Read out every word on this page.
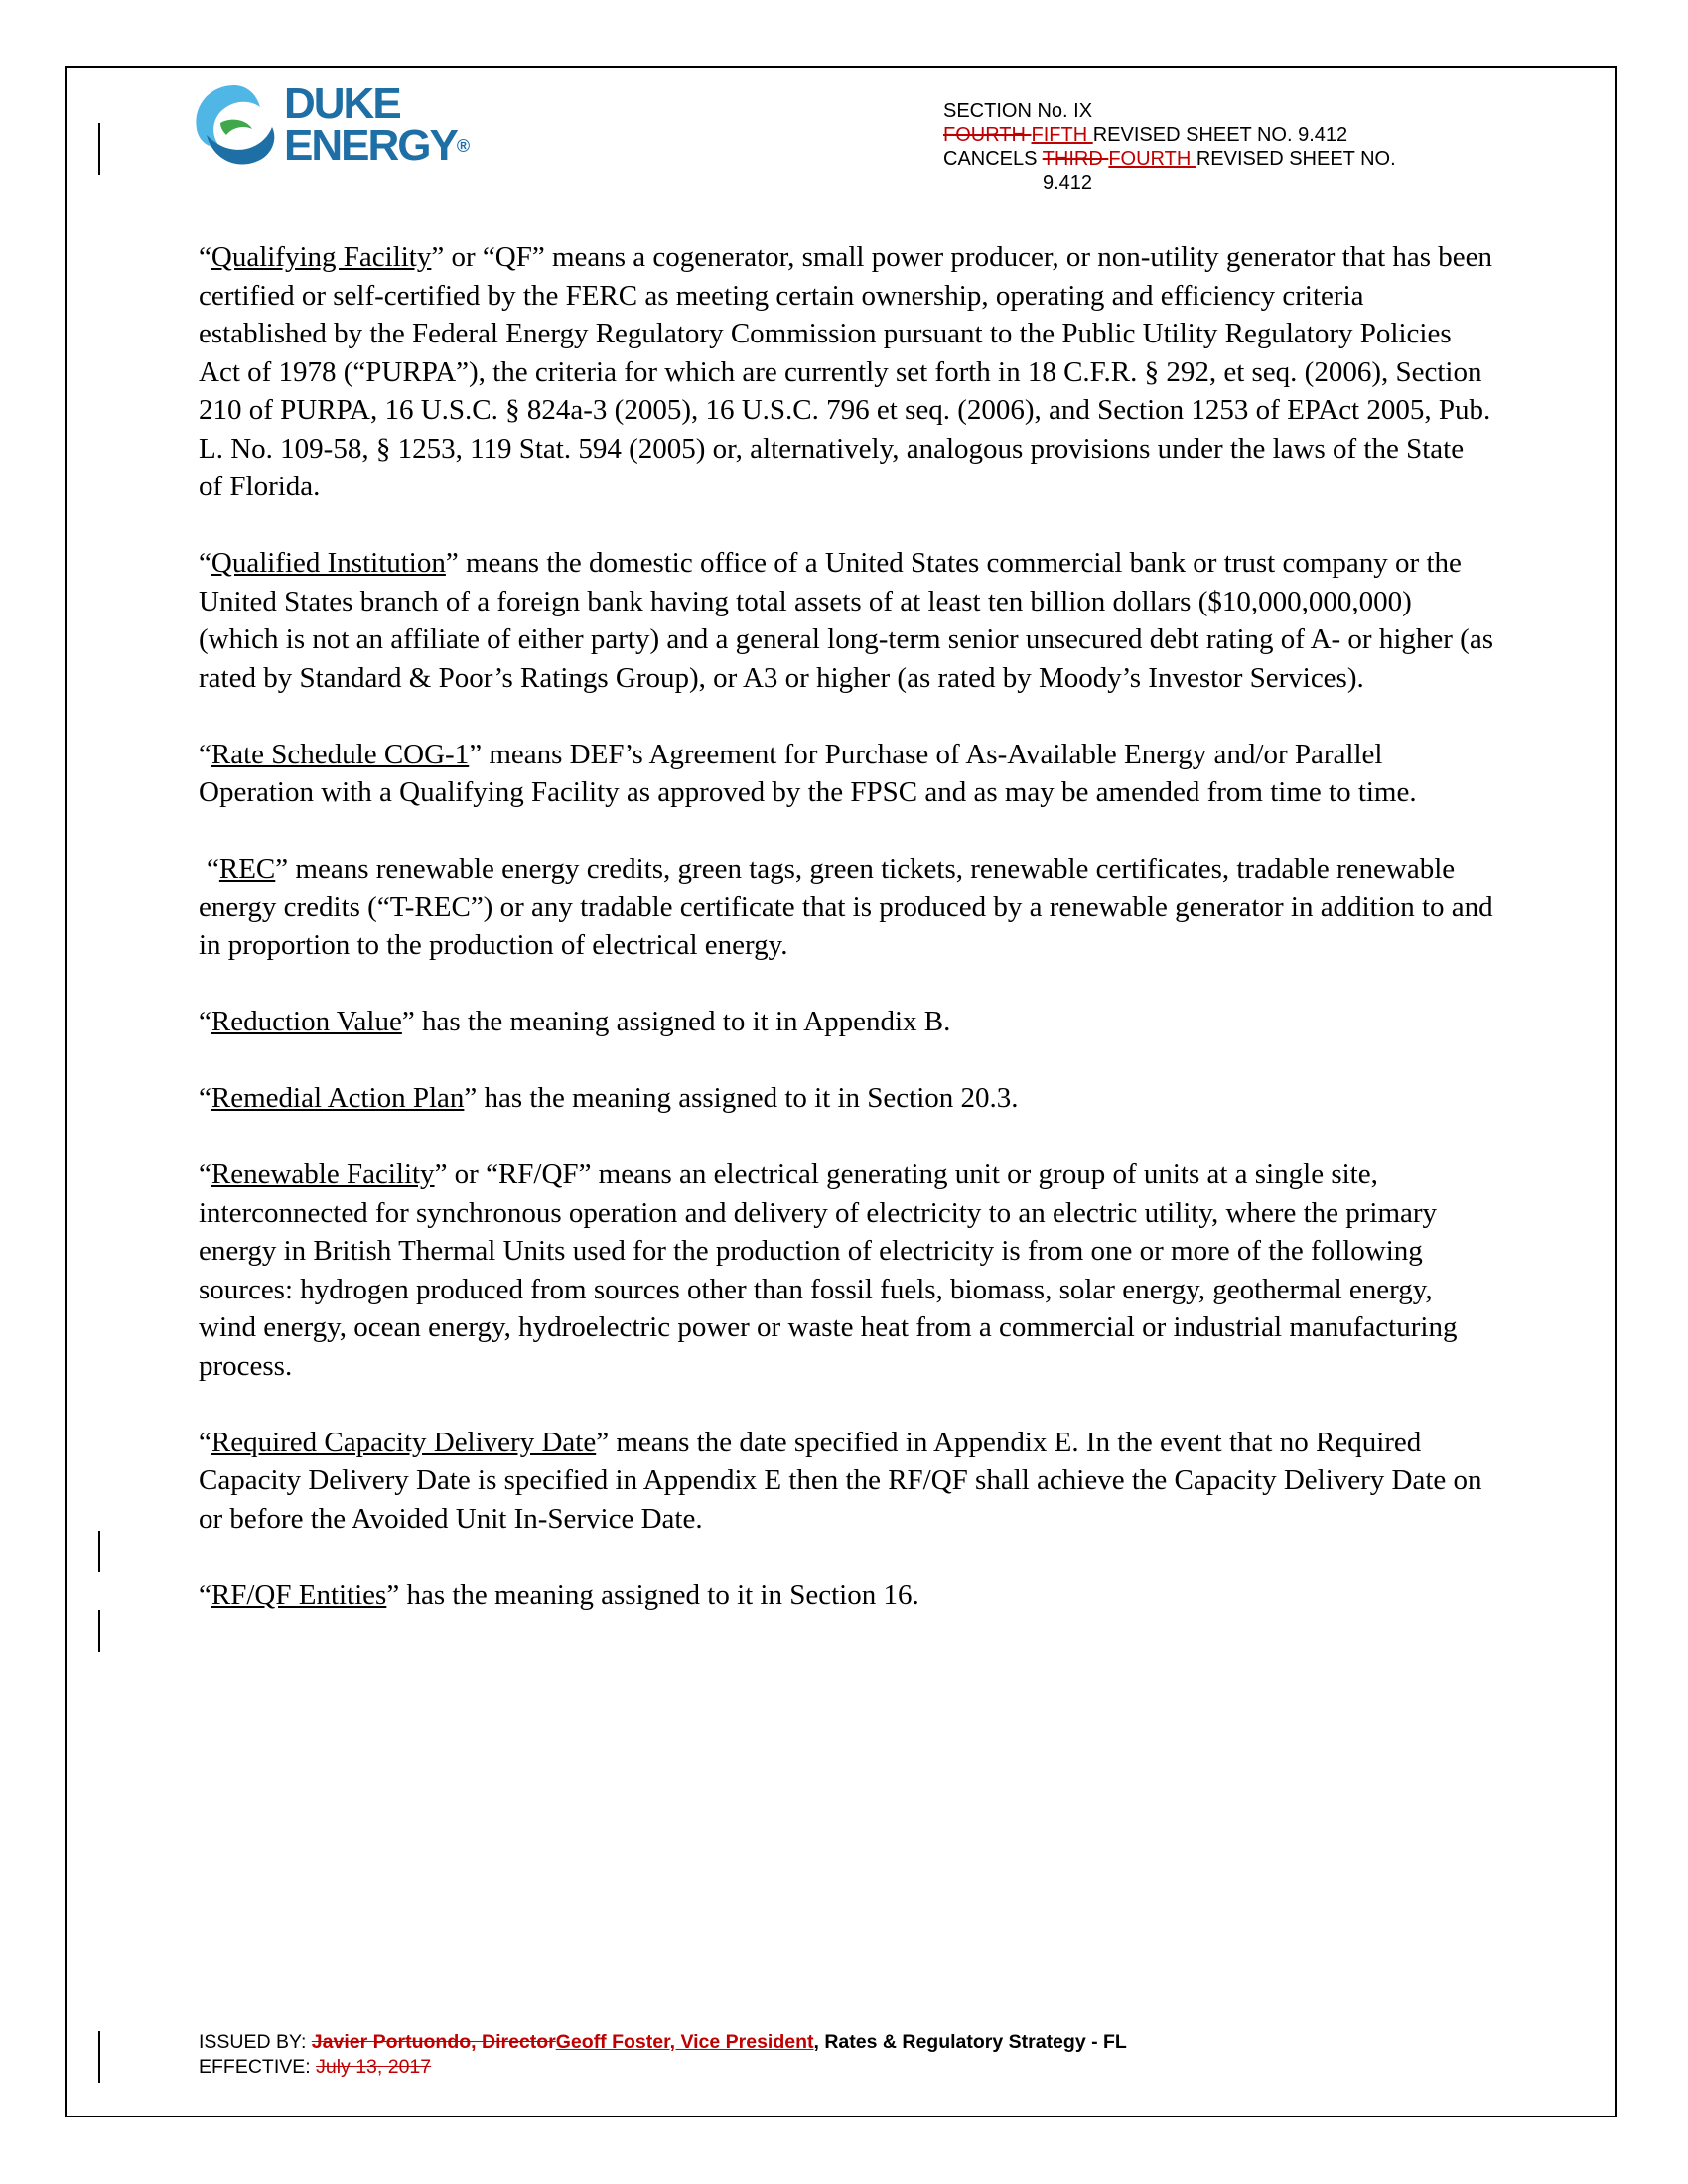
DUKE
ENERGY®
SECTION No. IX
FOURTH FIFTH REVISED SHEET NO. 9.412
CANCELS THIRD FOURTH REVISED SHEET NO.
9.412

“Qualifying Facility” or “QF” means a cogenerator, small power producer, or non-utility generator that has been certified or self-certified by the FERC as meeting certain ownership, operating and efficiency criteria established by the Federal Energy Regulatory Commission pursuant to the Public Utility Regulatory Policies Act of 1978 (“PURPA”), the criteria for which are currently set forth in 18 C.F.R. § 292, et seq. (2006), Section 210 of PURPA, 16 U.S.C. § 824a-3 (2005), 16 U.S.C. 796 et seq. (2006), and Section 1253 of EPAct 2005, Pub. L. No. 109-58, § 1253, 119 Stat. 594 (2005) or, alternatively, analogous provisions under the laws of the State of Florida.

“Qualified Institution” means the domestic office of a United States commercial bank or trust company or the United States branch of a foreign bank having total assets of at least ten billion dollars ($10,000,000,000) (which is not an affiliate of either party) and a general long-term senior unsecured debt rating of A- or higher (as rated by Standard & Poor’s Ratings Group), or A3 or higher (as rated by Moody’s Investor Services).

“Rate Schedule COG-1” means DEF’s Agreement for Purchase of As-Available Energy and/or Parallel Operation with a Qualifying Facility as approved by the FPSC and as may be amended from time to time.

“REC” means renewable energy credits, green tags, green tickets, renewable certificates, tradable renewable energy credits (“T-REC”) or any tradable certificate that is produced by a renewable generator in addition to and in proportion to the production of electrical energy.

“Reduction Value” has the meaning assigned to it in Appendix B.

“Remedial Action Plan” has the meaning assigned to it in Section 20.3.

“Renewable Facility” or “RF/QF” means an electrical generating unit or group of units at a single site, interconnected for synchronous operation and delivery of electricity to an electric utility, where the primary energy in British Thermal Units used for the production of electricity is from one or more of the following sources: hydrogen produced from sources other than fossil fuels, biomass, solar energy, geothermal energy, wind energy, ocean energy, hydroelectric power or waste heat from a commercial or industrial manufacturing process.

“Required Capacity Delivery Date” means the date specified in Appendix E. In the event that no Required Capacity Delivery Date is specified in Appendix E then the RF/QF shall achieve the Capacity Delivery Date on or before the Avoided Unit In-Service Date.

“RF/QF Entities” has the meaning assigned to it in Section 16.

ISSUED BY: Javier Portuondo, DirectorGeoff Foster, Vice President, Rates & Regulatory Strategy - FL
EFFECTIVE: July 13, 2017
